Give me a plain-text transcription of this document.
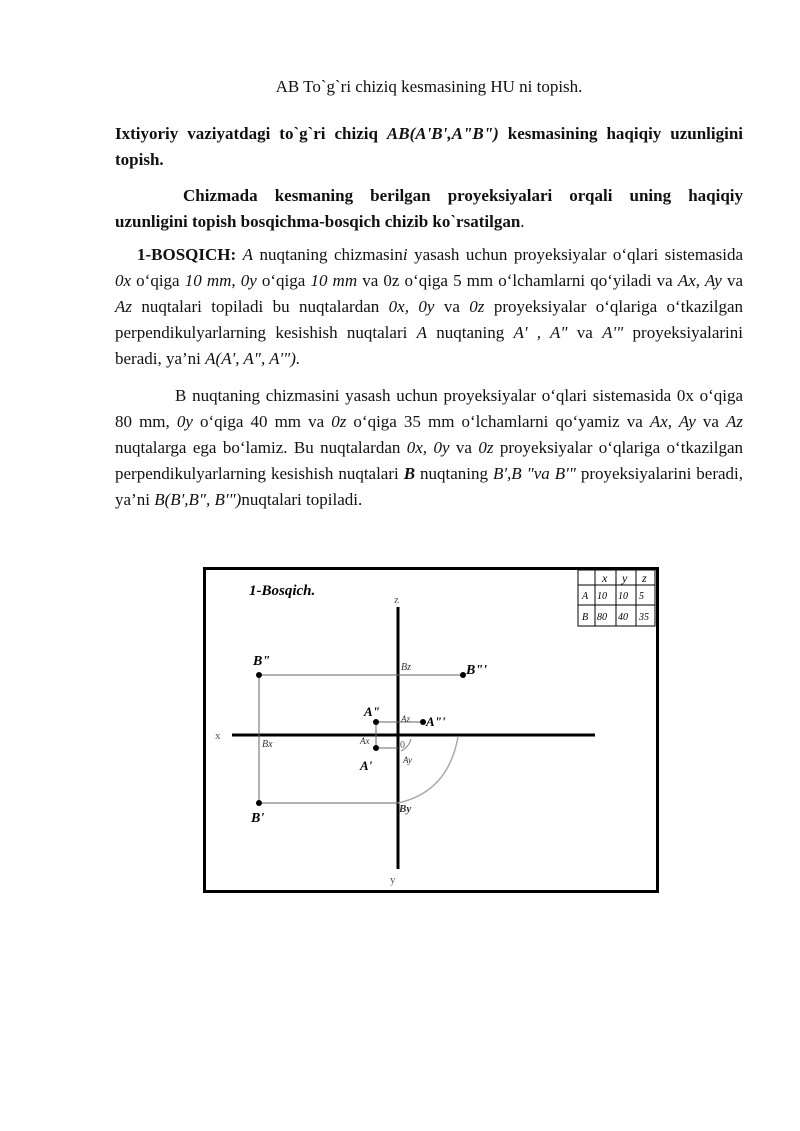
AB To`g`ri chiziq kesmasining HU ni topish.
Ixtiyoriy vaziyatdagi to`g`ri chiziq AB(A'B',A"B") kesmasining haqiqiy uzunligini topish.
Chizmada kesmaning berilgan proyeksiyalari orqali uning haqiqiy uzunligini topish bosqichma-bosqich chizib ko`rsatilgan.
1-BOSQICH: A nuqtaning chizmasini yasash uchun proyeksiyalar o‘qlari sistemasida 0x o‘qiga 10 mm, 0y o‘qiga 10 mm va 0z o‘qiga 5 mm o‘lchamlarni qo‘yiladi va Ax, Ay va Az nuqtalari topiladi bu nuqtalardan 0x, 0y va 0z proyeksiyalar o‘qlariga o‘tkazilgan perpendikulyarlarning kesishish nuqtalari A nuqtaning A' , A" va A'" proyeksiyalarini beradi, ya’ni A(A', A", A'").
B nuqtaning chizmasini yasash uchun proyeksiyalar o‘qlari sistemasida 0x o‘qiga 80 mm, 0y o‘qiga 40 mm va 0z o‘qiga 35 mm o‘lchamlarni qo‘yamiz va Ax, Ay va Az nuqtalarga ega bo‘lamiz. Bu nuqtalardan 0x, 0y va 0z proyeksiyalar o‘qlariga o‘tkazilgan perpendikulyarlarning kesishish nuqtalari B nuqtaning B',B "va B'" proyeksiyalarini beradi, ya’ni B(B',B", B'")nuqtalari topiladi.
1-Bosqich.
x y z
A 10 10 5
B 80 40 35
x
z
y
0
B"
B"'
B'
A"
A"'
A'
Bz
Bx
By
Az
Ax
Ay
